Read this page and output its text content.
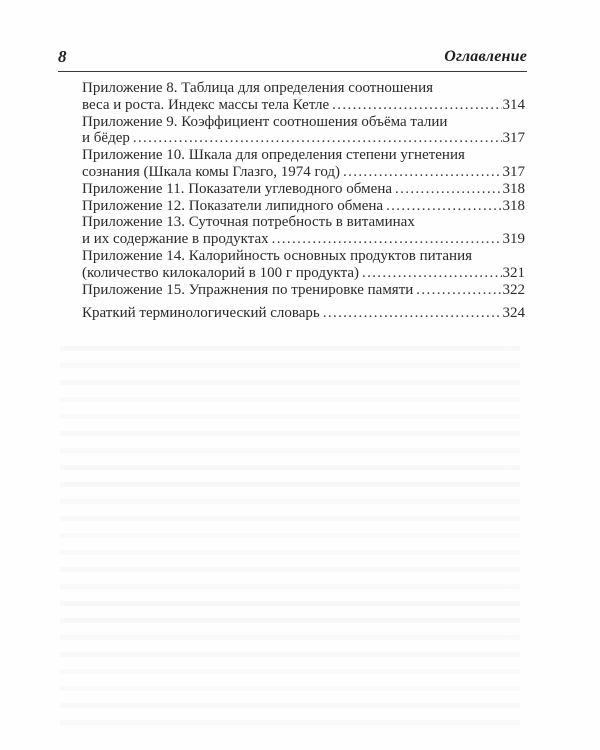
8	Оглавление
Приложение 8. Таблица для определения соотношения
веса и роста. Индекс массы тела Кетле . . .	314
Приложение 9. Коэффициент соотношения объёма талии
и бёдер . . .	317
Приложение 10. Шкала для определения степени угнетения
сознания (Шкала комы Глазго, 1974 год) . . .	317
Приложение 11. Показатели углеводного обмена . . .	318
Приложение 12. Показатели липидного обмена . . .	318
Приложение 13. Суточная потребность в витаминах
и их содержание в продуктах . . .	319
Приложение 14. Калорийность основных продуктов питания
(количество килокалорий в 100 г продукта) . . .	321
Приложение 15. Упражнения по тренировке памяти . . .	322
Краткий терминологический словарь . . .	324
